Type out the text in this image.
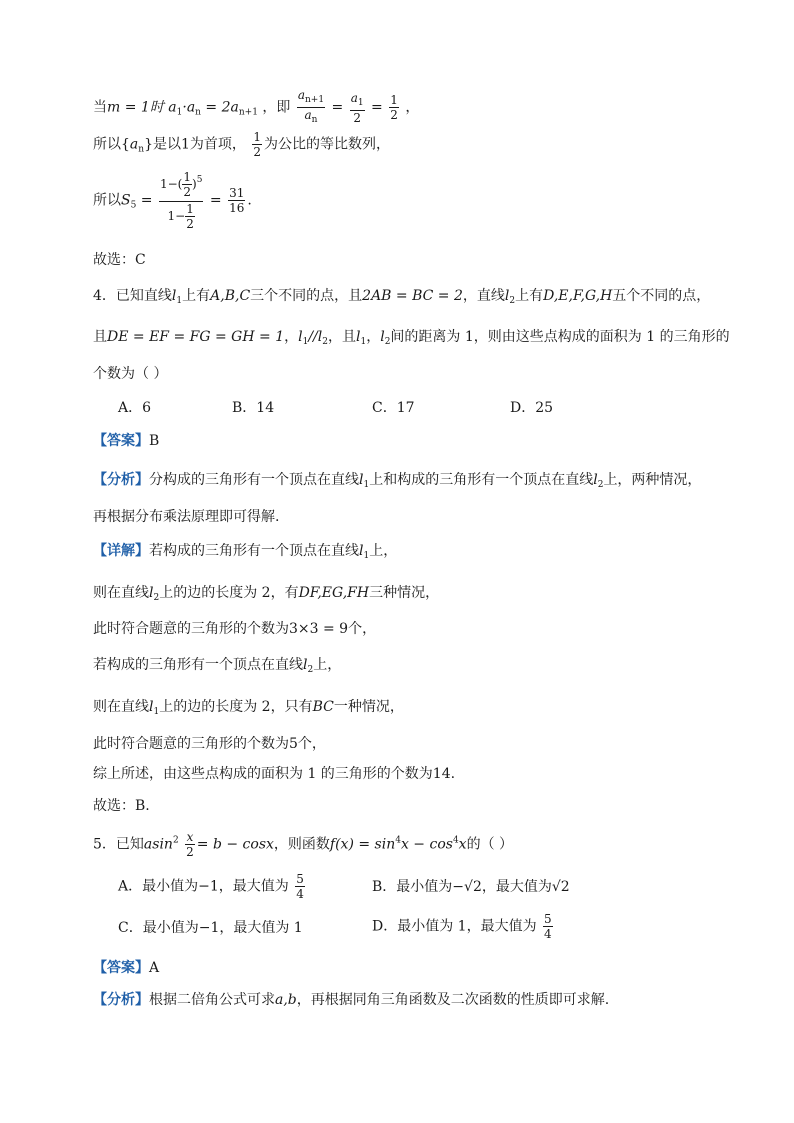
当m = 1时 $a_1\cdot a_n = 2a_{n+1}$ ，即 $\frac{a_{n+1}}{a_n} = \frac{a_1}{2} = \frac{1}{2}$ ，
所以$\{a_n\}$是以1为首项， $\frac{1}{2}$ 为公比的等比数列，
所以$S_5 = \frac{1-( \frac{1}{2} )^5}{1- \frac{1}{2}} = \frac{31}{16}$ .
故选：C
4．已知直线$l_1$上有A,B,C三个不同的点，且2AB = BC = 2，直线$l_2$上有D,E,F,G,H五个不同的点，
且DE = EF = FG = GH = 1，$l_1//l_2$，且$l_1$，$l_2$间的距离为 1，则由这些点构成的面积为 1 的三角形的
个数为（ ）
A．6	B．14	C．17	D．25
【答案】B
【分析】分构成的三角形有一个顶点在直线$l_1$上和构成的三角形有一个顶点在直线$l_2$上，两种情况，
再根据分布乘法原理即可得解.
【详解】若构成的三角形有一个顶点在直线$l_1$上，
则在直线$l_2$上的边的长度为 2，有DF,EG,FH三种情况，
此时符合题意的三角形的个数为3×3 = 9个，
若构成的三角形有一个顶点在直线$l_2$上，
则在直线$l_1$上的边的长度为 2，只有BC一种情况，
此时符合题意的三角形的个数为5个，
综上所述，由这些点构成的面积为 1 的三角形的个数为14.
故选：B.
5．已知$asin^2 \frac{x}{2} = b - \cos x$，则函数$f(x) = \sin^4x - \cos^4x$的（ ）
A．最小值为−1，最大值为 $\frac{5}{4}$	B．最小值为−√2，最大值为√2
C．最小值为−1，最大值为 1	D．最小值为 1，最大值为 $\frac{5}{4}$
【答案】A
【分析】根据二倍角公式可求a,b，再根据同角三角函数及二次函数的性质即可求解.
